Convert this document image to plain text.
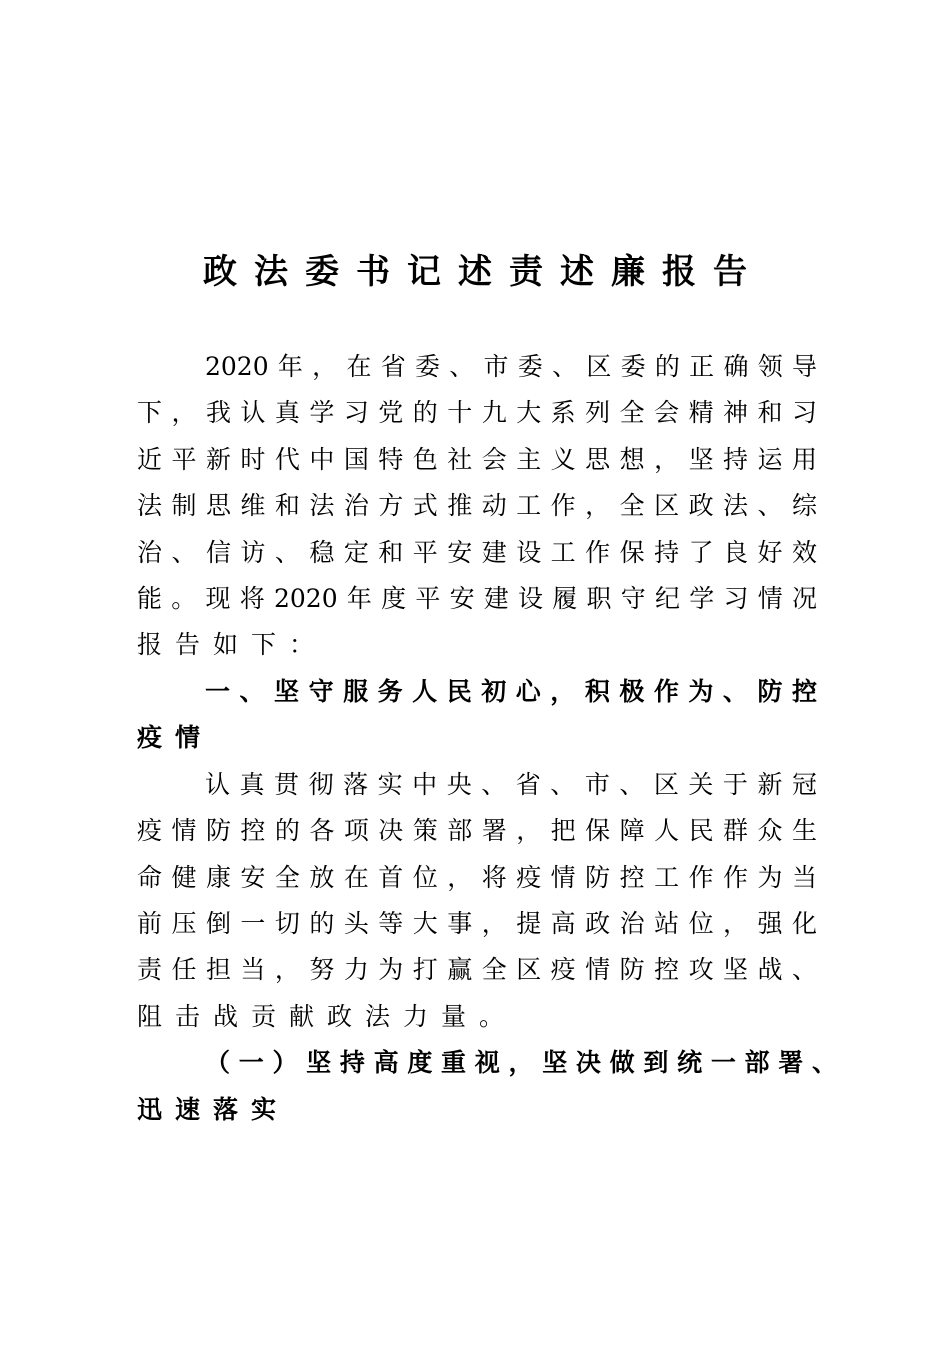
政法委书记述责述廉报告
2020年，在省委、市委、区委的正确领导
下，我认真学习党的十九大系列全会精神和习
近平新时代中国特色社会主义思想，坚持运用
法制思维和法治方式推动工作，全区政法、综
治、信访、稳定和平安建设工作保持了良好效
能。现将2020年度平安建设履职守纪学习情况
报告如下：
一、坚守服务人民初心，积极作为、防控
疫情
认真贯彻落实中央、省、市、区关于新冠
疫情防控的各项决策部署，把保障人民群众生
命健康安全放在首位，将疫情防控工作作为当
前压倒一切的头等大事，提高政治站位，强化
责任担当，努力为打赢全区疫情防控攻坚战、
阻击战贡献政法力量。
（一）坚持高度重视，坚决做到统一部署、
迅速落实
